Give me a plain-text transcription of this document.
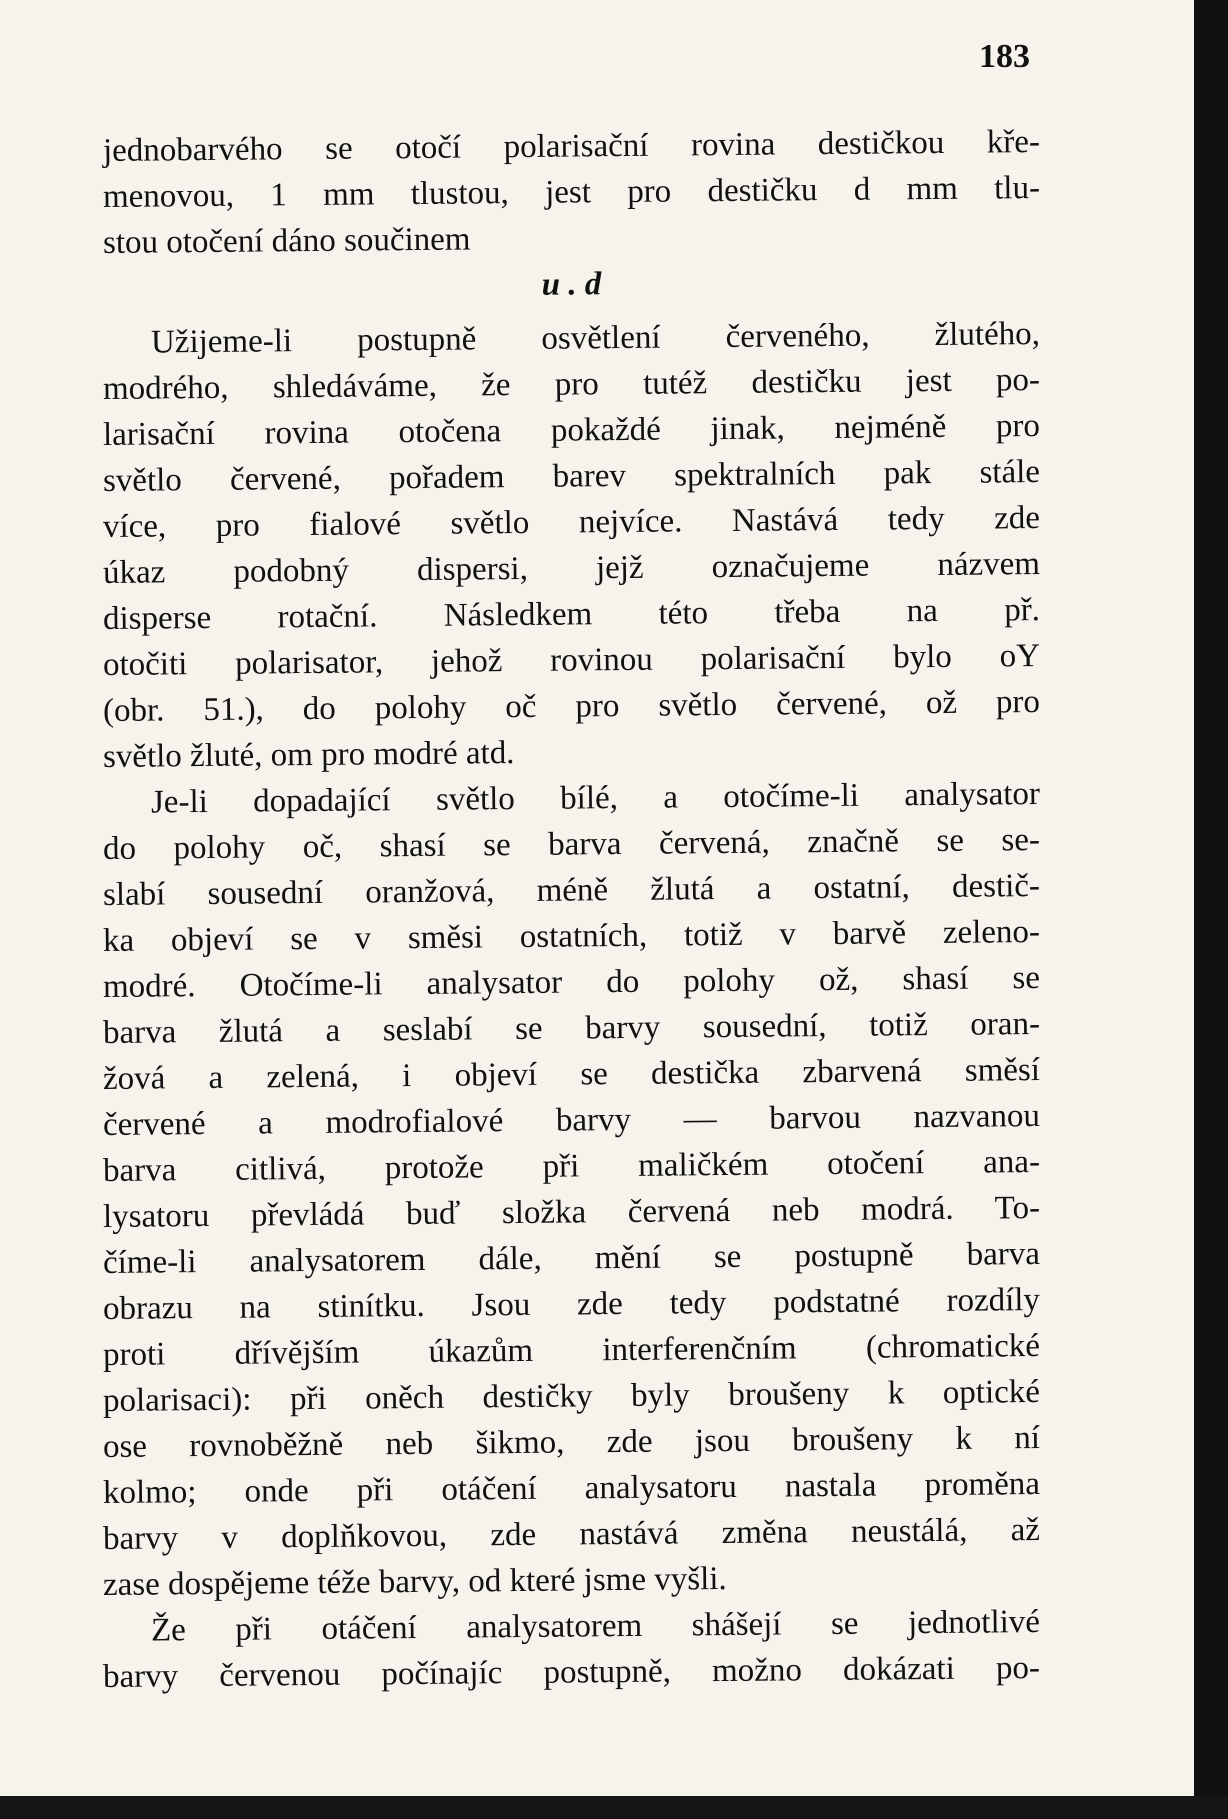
183
jednobarvého se otočí polarisační rovina destičkou kře-
menovou, 1 mm tlustou, jest pro destičku d mm tlu-
stou otočení dáno součinem
u . d
Užijeme-li postupně osvětlení červeného, žlutého,
modrého, shledáváme, že pro tutéž destičku jest po-
larisační rovina otočena pokaždé jinak, nejméně pro
světlo červené, pořadem barev spektralních pak stále
více, pro fialové světlo nejvíce. Nastává tedy zde
úkaz podobný dispersi, jejž označujeme názvem
disperse rotační. Následkem této třeba na př.
otočiti polarisator, jehož rovinou polarisační bylo oY
(obr. 51.), do polohy oč pro světlo červené, ož pro
světlo žluté, om pro modré atd.
Je-li dopadající světlo bílé, a otočíme-li analysator
do polohy oč, shasí se barva červená, značně se se-
slabí sousední oranžová, méně žlutá a ostatní, destič-
ka objeví se v směsi ostatních, totiž v barvě zeleno-
modré. Otočíme-li analysator do polohy ož, shasí se
barva žlutá a seslabí se barvy sousední, totiž oran-
žová a zelená, i objeví se destička zbarvená směsí
červené a modrofialové barvy — barvou nazvanou
barva citlivá, protože při maličkém otočení ana-
lysatoru převládá buď složka červená neb modrá. To-
číme-li analysatorem dále, mění se postupně barva
obrazu na stinítku. Jsou zde tedy podstatné rozdíly
proti dřívějším úkazům interferenčním (chromatické
polarisaci): při oněch destičky byly broušeny k optické
ose rovnoběžně neb šikmo, zde jsou broušeny k ní
kolmo; onde při otáčení analysatoru nastala proměna
barvy v doplňkovou, zde nastává změna neustálá, až
zase dospějeme téže barvy, od které jsme vyšli.
Že při otáčení analysatorem shášejí se jednotlivé
barvy červenou počínajíc postupně, možno dokázati po-
